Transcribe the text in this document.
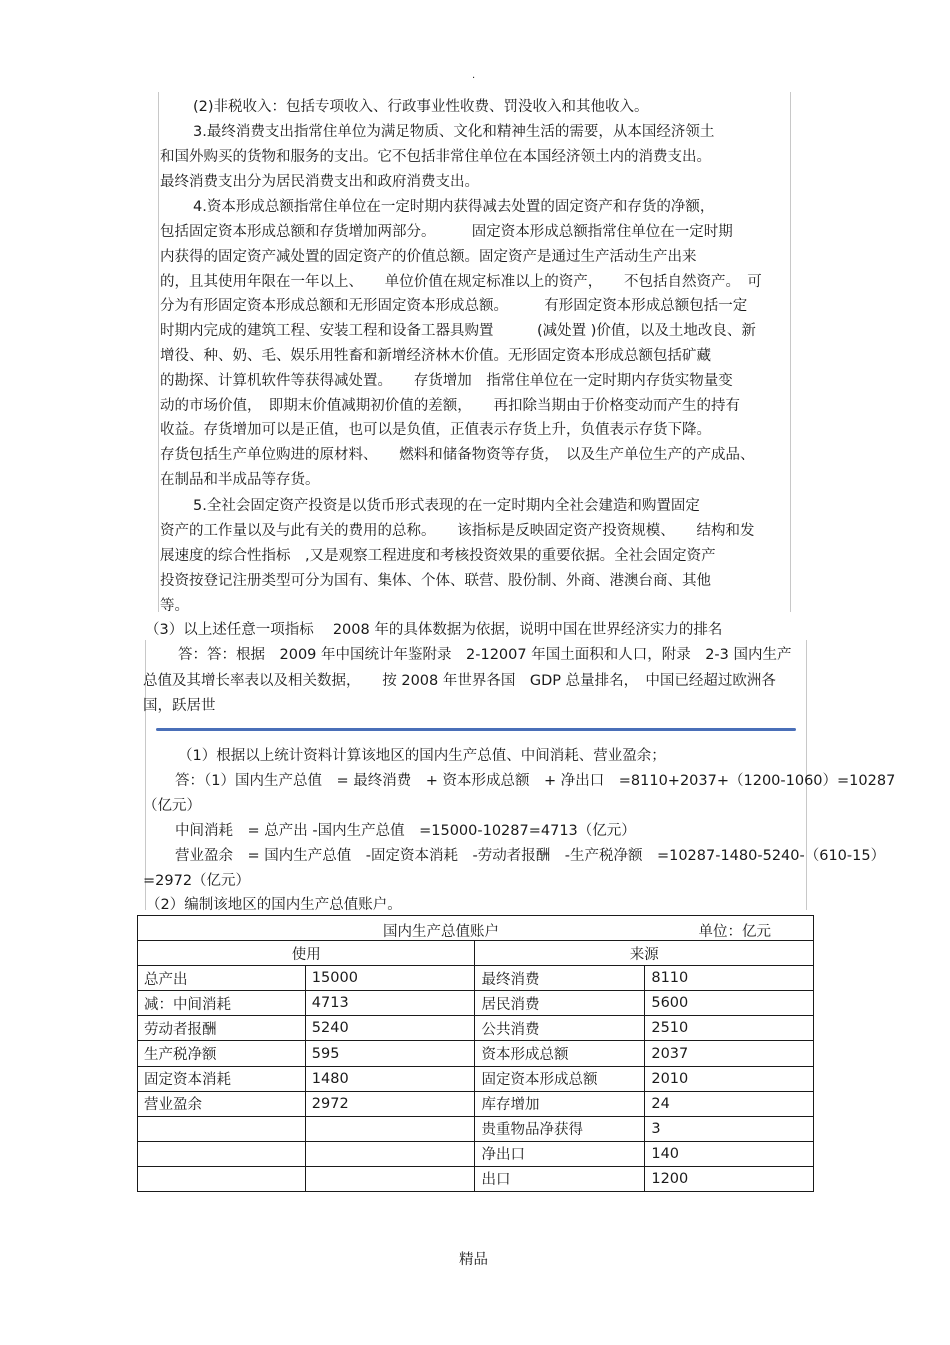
.
(2)非税收入：包括专项收入、行政事业性收费、罚没收入和其他收入。
3.最终消费支出指常住单位为满足物质、文化和精神生活的需要，从本国经济领土
和国外购买的货物和服务的支出。它不包括非常住单位在本国经济领土内的消费支出。
最终消费支出分为居民消费支出和政府消费支出。
4.资本形成总额指常住单位在一定时期内获得减去处置的固定资产和存货的净额，
包括固定资本形成总额和存货增加两部分。　　　固定资本形成总额指常住单位在一定时期
内获得的固定资产减处置的固定资产的价值总额。固定资产是通过生产活动生产出来
的，且其使用年限在一年以上、　　单位价值在规定标准以上的资产，　　不包括自然资产。　可
分为有形固定资本形成总额和无形固定资本形成总额。　　　有形固定资本形成总额包括一定
时期内完成的建筑工程、安装工程和设备工器具购置　　　(减处置 )价值，以及土地改良、新
增役、种、奶、毛、娱乐用牲畜和新增经济林木价值。无形固定资本形成总额包括矿藏
的勘探、计算机软件等获得减处置。　　存货增加　指常住单位在一定时期内存货实物量变
动的市场价值，　即期末价值减期初价值的差额，　　再扣除当期由于价格变动而产生的持有
收益。存货增加可以是正值，也可以是负值，正值表示存货上升，负值表示存货下降。
存货包括生产单位购进的原材料、　　燃料和储备物资等存货，　以及生产单位生产的产成品、
在制品和半成品等存货。
5.全社会固定资产投资是以货币形式表现的在一定时期内全社会建造和购置固定
资产的工作量以及与此有关的费用的总称。　　该指标是反映固定资产投资规模、　　结构和发
展速度的综合性指标　,又是观察工程进度和考核投资效果的重要依据。全社会固定资产
投资按登记注册类型可分为国有、集体、个体、联营、股份制、外商、港澳台商、其他
等。
（3）以上述任意一项指标　 2008 年的具体数据为依据，说明中国在世界经济实力的排名
答：答：根据　2009 年中国统计年鉴附录　2-12007 年国土面积和人口，附录　2-3 国内生产
总值及其增长率表以及相关数据，　　按 2008 年世界各国　GDP 总量排名，　中国已经超过欧洲各
国，跃居世
（1）根据以上统计资料计算该地区的国内生产总值、中间消耗、营业盈余；
答：（1）国内生产总值　= 最终消费　+ 资本形成总额　+ 净出口　=8110+2037+（1200-1060）=10287
（亿元）
中间消耗　= 总产出 -国内生产总值　=15000-10287=4713（亿元）
营业盈余　= 国内生产总值　-固定资本消耗　-劳动者报酬　-生产税净额　=10287-1480-5240-（610-15）
=2972（亿元）
（2）编制该地区的国内生产总值账户。
国内生产总值账户 单位：亿元			

使用		来源	
总产出	15000	最终消费	8110
减：中间消耗	4713	居民消费	5600
劳动者报酬	5240	公共消费	2510
生产税净额	595	资本形成总额	2037
固定资本消耗	1480	固定资本形成总额	2010
营业盈余	2972	库存增加	24
		贵重物品净获得	3
		净出口	140
		出口	1200
精品
